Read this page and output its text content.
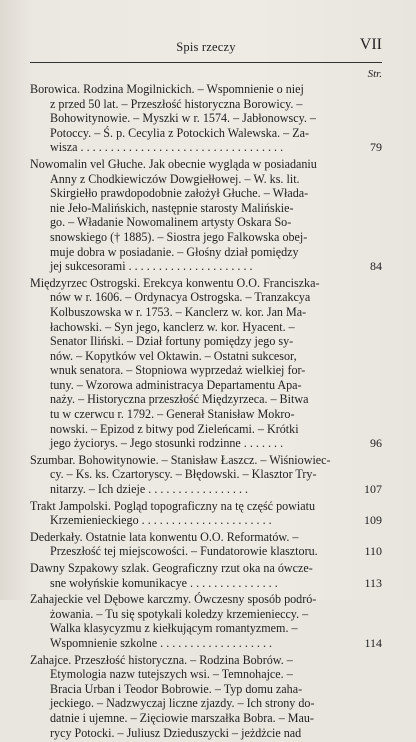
Spis rzeczy	VII
Str.
Borowica. Rodzina Mogilnickich. – Wspomnienie o niej
z przed 50 lat. – Przeszłość historyczna Borowicy. –
Bohowitynowie. – Myszki w r. 1574. – Jabłonowscy. –
Potoccy. – Ś. p. Cecylia z Potockich Walewska. – Za-
wisza . . . . . . . . . . . . . . . . . . . . . . . . . . . . . . . . . .	79
Nowomalin vel Głuche. Jak obecnie wygląda w posiadaniu
Anny z Chodkiewiczów Dowgiełłowej. – W. ks. lit.
Skirgiełło prawdopodobnie założył Głuche. – Włada-
nie Jeło-Malińskich, następnie starosty Malińskie-
go. – Władanie Nowomalinem artysty Oskara So-
snowskiego († 1885). – Siostra jego Falkowska obej-
muje dobra w posiadanie. – Głośny dział pomiędzy
jej sukcesorami . . . . . . . . . . . . . . . . . . . . .	84
Międzyrzec Ostrogski. Erekcya konwentu O.O. Franciszka-
nów w r. 1606. – Ordynacya Ostrogska. – Tranzakcya
Kolbuszowska w r. 1753. – Kanclerz w. kor. Jan Ma-
łachowski. – Syn jego, kanclerz w. kor. Hyacent. –
Senator Iliński. – Dział fortuny pomiędzy jego sy-
nów. – Kopytków vel Oktawin. – Ostatni sukcesor,
wnuk senatora. – Stopniowa wyprzedaż wielkiej for-
tuny. – Wzorowa administracya Departamentu Apa-
naży. – Historyczna przeszłość Międzyrzeca. – Bitwa
tu w czerwcu r. 1792. – Generał Stanisław Mokro-
nowski. – Epizod z bitwy pod Zieleńcami. – Krótki
jego życiorys. – Jego stosunki rodzinne . . . . . . .	96
Szumbar. Bohowitynowie. – Stanisław Łaszcz. – Wiśniowiec-
cy. – Ks. ks. Czartoryscy. – Błędowski. – Klasztor Try-
nitarzy. – Ich dzieje . . . . . . . . . . . . . . . . .	107
Trakt Jampolski. Pogląd topograficzny na tę część powiatu
Krzemienieckiego . . . . . . . . . . . . . . . . . . . . . .	109
Dederkały. Ostatnie lata konwentu O.O. Reformatów. –
Przeszłość tej miejscowości. – Fundatorowie klasztoru.	110
Dawny Szpakowy szlak. Geograficzny rzut oka na ówcze-
sne wołyńskie komunikacye . . . . . . . . . . . . . . .	113
Zahajeckie vel Dębowe karczmy. Ówczesny sposób podró-
żowania. – Tu się spotykali koledzy krzemienieccy. –
Walka klasycyzmu z kiełkującym romantyzmem. –
Wspomnienie szkolne . . . . . . . . . . . . . . . . . . .	114
Zahajce. Przeszłość historyczna. – Rodzina Bobrów. –
Etymologia nazw tutejszych wsi. – Temnohajce. –
Bracia Urban i Teodor Bobrowie. – Typ domu zaha-
jeckiego. – Nadzwyczaj liczne zjazdy. – Ich strony do-
datnie i ujemne. – Zięciowie marszałka Bobra. – Mau-
rycy Potocki. – Juliusz Dzieduszycki – jeżdżcie nad
